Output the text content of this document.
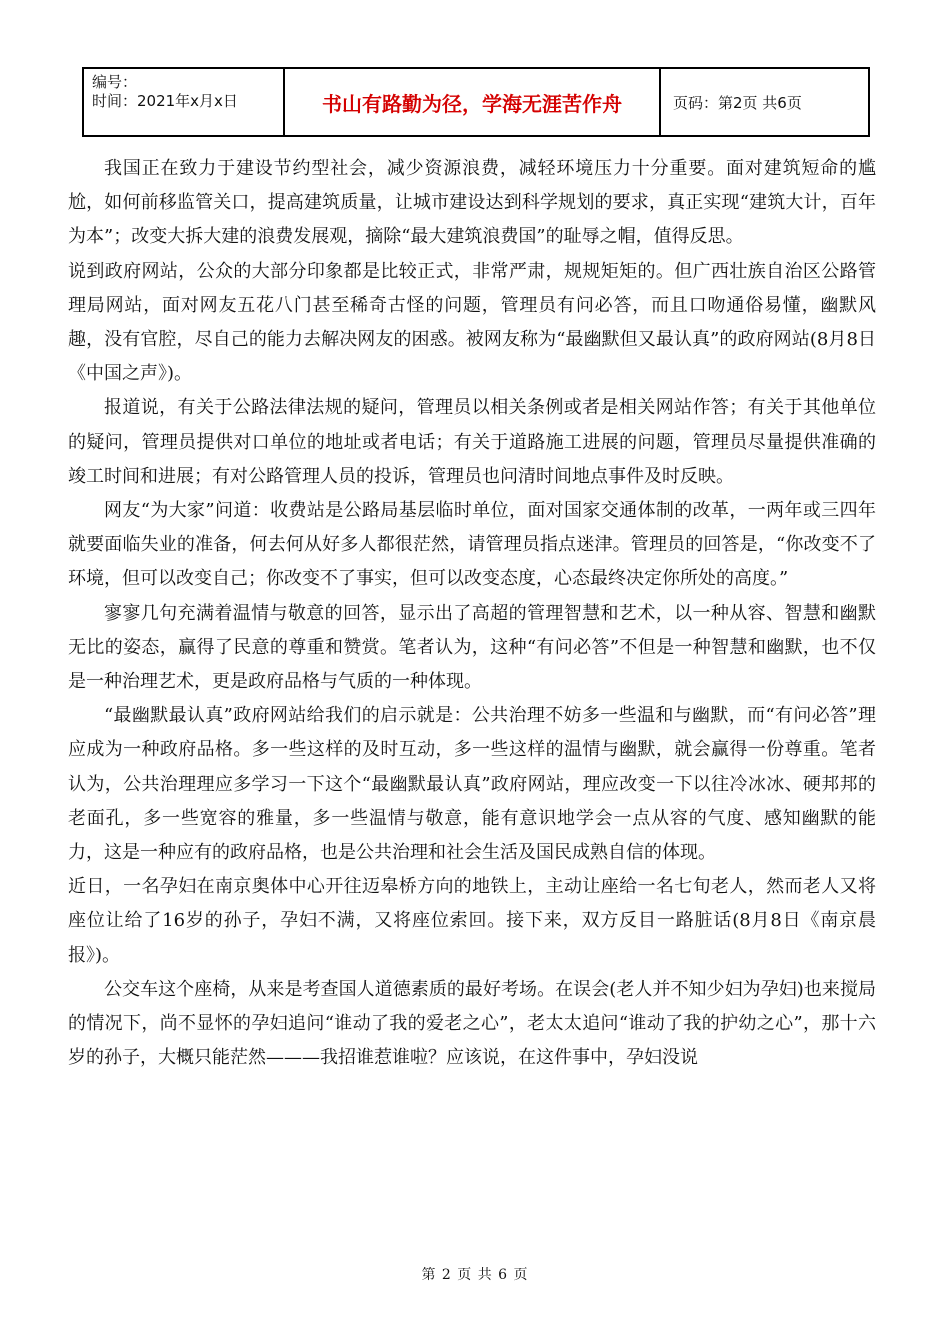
编号：
时间：2021年x月x日	书山有路勤为径，学海无涯苦作舟	页码：第2页 共6页

我国正在致力于建设节约型社会，减少资源浪费，减轻环境压力十分重要。面对建筑短命的尴尬，如何前移监管关口，提高建筑质量，让城市建设达到科学规划的要求，真正实现“建筑大计，百年为本”；改变大拆大建的浪费发展观，摘除“最大建筑浪费国”的耻辱之帽，值得反思。

说到政府网站，公众的大部分印象都是比较正式，非常严肃，规规矩矩的。但广西壮族自治区公路管理局网站，面对网友五花八门甚至稀奇古怪的问题，管理员有问必答，而且口吻通俗易懂，幽默风趣，没有官腔，尽自己的能力去解决网友的困惑。被网友称为“最幽默但又最认真”的政府网站(8月8日《中国之声》)。

报道说，有关于公路法律法规的疑问，管理员以相关条例或者是相关网站作答；有关于其他单位的疑问，管理员提供对口单位的地址或者电话；有关于道路施工进展的问题，管理员尽量提供准确的竣工时间和进展；有对公路管理人员的投诉，管理员也问清时间地点事件及时反映。

网友“为大家”问道：收费站是公路局基层临时单位，面对国家交通体制的改革，一两年或三四年就要面临失业的准备，何去何从好多人都很茫然，请管理员指点迷津。管理员的回答是，“你改变不了环境，但可以改变自己；你改变不了事实，但可以改变态度，心态最终决定你所处的高度。”

寥寥几句充满着温情与敬意的回答，显示出了高超的管理智慧和艺术，以一种从容、智慧和幽默无比的姿态，赢得了民意的尊重和赞赏。笔者认为，这种“有问必答”不但是一种智慧和幽默，也不仅是一种治理艺术，更是政府品格与气质的一种体现。

“最幽默最认真”政府网站给我们的启示就是：公共治理不妨多一些温和与幽默，而“有问必答”理应成为一种政府品格。多一些这样的及时互动，多一些这样的温情与幽默，就会赢得一份尊重。笔者认为，公共治理理应多学习一下这个“最幽默最认真”政府网站，理应改变一下以往冷冰冰、硬邦邦的老面孔，多一些宽容的雅量，多一些温情与敬意，能有意识地学会一点从容的气度、感知幽默的能力，这是一种应有的政府品格，也是公共治理和社会生活及国民成熟自信的体现。

近日，一名孕妇在南京奥体中心开往迈皋桥方向的地铁上，主动让座给一名七旬老人，然而老人又将座位让给了16岁的孙子，孕妇不满，又将座位索回。接下来，双方反目一路脏话(8月8日《南京晨报》)。

公交车这个座椅，从来是考查国人道德素质的最好考场。在误会(老人并不知少妇为孕妇)也来搅局的情况下，尚不显怀的孕妇追问“谁动了我的爱老之心”，老太太追问“谁动了我的护幼之心”，那十六岁的孙子，大概只能茫然———我招谁惹谁啦？应该说，在这件事中，孕妇没说

第 2 页 共 6 页
